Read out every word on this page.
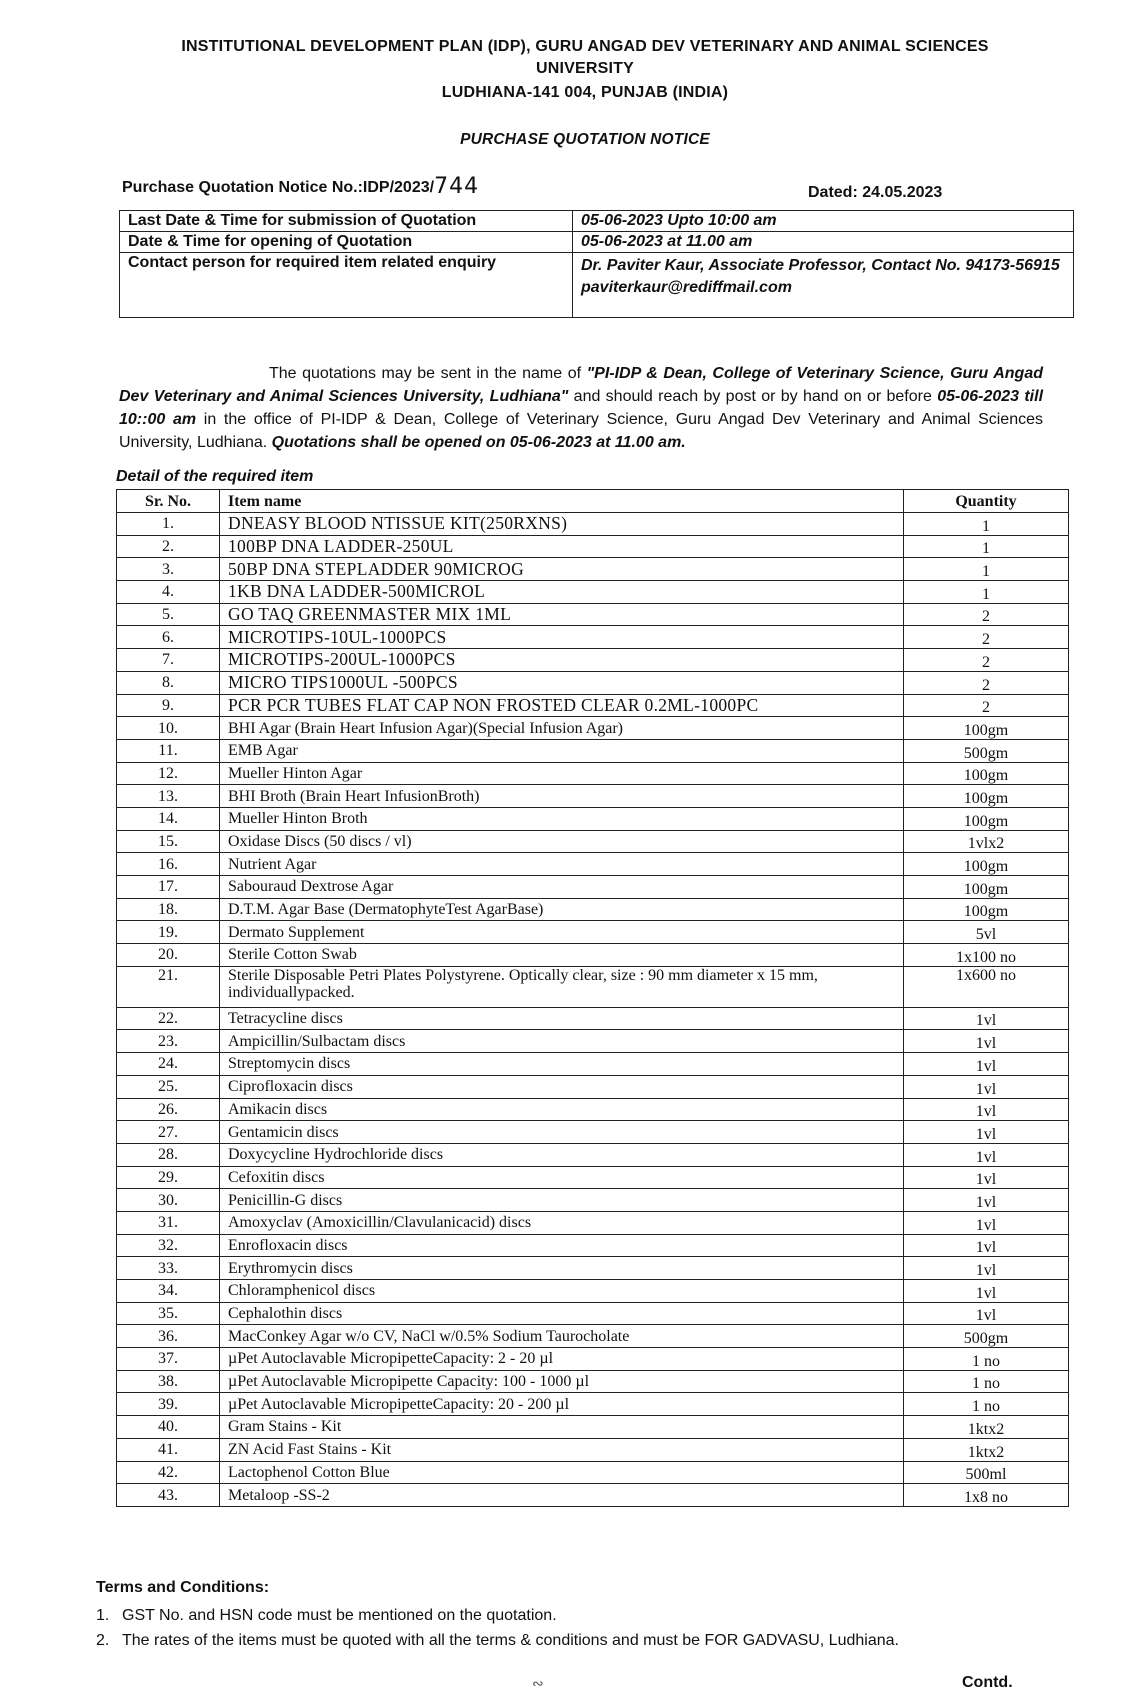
INSTITUTIONAL DEVELOPMENT PLAN (IDP), GURU ANGAD DEV VETERINARY AND ANIMAL SCIENCES
UNIVERSITY
LUDHIANA-141 004, PUNJAB (INDIA)
PURCHASE QUOTATION NOTICE
Purchase Quotation Notice No.:IDP/2023/744	Dated: 24.05.2023
Last Date & Time for submission of Quotation	05-06-2023 Upto 10:00 am
Date & Time for opening of Quotation	05-06-2023 at 11.00 am
Contact person for required item related enquiry	Dr. Paviter Kaur, Associate Professor, Contact No. 94173-56915
paviterkaur@rediffmail.com
The quotations may be sent in the name of "PI-IDP & Dean, College of Veterinary Science, Guru Angad Dev Veterinary and Animal Sciences University, Ludhiana" and should reach by post or by hand on or before 05-06-2023 till 10::00 am in the office of PI-IDP & Dean, College of Veterinary Science, Guru Angad Dev Veterinary and Animal Sciences University, Ludhiana. Quotations shall be opened on 05-06-2023 at 11.00 am.
Detail of the required item
Sr. No.	Item name	Quantity
1.	DNEASY BLOOD NTISSUE KIT(250RXNS)	1
2.	100BP DNA LADDER-250UL	1
3.	50BP DNA STEPLADDER 90MICROG	1
4.	1KB DNA LADDER-500MICROL	1
5.	GO TAQ GREENMASTER MIX 1ML	2
6.	MICROTIPS-10UL-1000PCS	2
7.	MICROTIPS-200UL-1000PCS	2
8.	MICRO TIPS1000UL -500PCS	2
9.	PCR PCR TUBES FLAT CAP NON FROSTED CLEAR 0.2ML-1000PC	2
10.	BHI Agar (Brain Heart Infusion Agar)(Special Infusion Agar)	100gm
11.	EMB Agar	500gm
12.	Mueller Hinton Agar	100gm
13.	BHI Broth (Brain Heart InfusionBroth)	100gm
14.	Mueller Hinton Broth	100gm
15.	Oxidase Discs (50 discs / vl)	1vlx2
16.	Nutrient Agar	100gm
17.	Sabouraud Dextrose Agar	100gm
18.	D.T.M. Agar Base (DermatophyteTest AgarBase)	100gm
19.	Dermato Supplement	5vl
20.	Sterile Cotton Swab	1x100 no
21.	Sterile Disposable Petri Plates Polystyrene. Optically clear, size : 90 mm diameter x 15 mm, individuallypacked.	1x600 no
22.	Tetracycline discs	1vl
23.	Ampicillin/Sulbactam discs	1vl
24.	Streptomycin discs	1vl
25.	Ciprofloxacin discs	1vl
26.	Amikacin discs	1vl
27.	Gentamicin discs	1vl
28.	Doxycycline Hydrochloride discs	1vl
29.	Cefoxitin discs	1vl
30.	Penicillin-G discs	1vl
31.	Amoxyclav (Amoxicillin/Clavulanicacid) discs	1vl
32.	Enrofloxacin discs	1vl
33.	Erythromycin discs	1vl
34.	Chloramphenicol discs	1vl
35.	Cephalothin discs	1vl
36.	MacConkey Agar w/o CV, NaCl w/0.5% Sodium Taurocholate	500gm
37.	µPet Autoclavable MicropipetteCapacity: 2 - 20 µl	1 no
38.	µPet Autoclavable Micropipette Capacity: 100 - 1000 µl	1 no
39.	µPet Autoclavable MicropipetteCapacity: 20 - 200 µl	1 no
40.	Gram Stains - Kit	1ktx2
41.	ZN Acid Fast Stains - Kit	1ktx2
42.	Lactophenol Cotton Blue	500ml
43.	Metaloop -SS-2	1x8 no
Terms and Conditions:
1. GST No. and HSN code must be mentioned on the quotation.
2. The rates of the items must be quoted with all the terms & conditions and must be FOR GADVASU, Ludhiana.
∾	Contd.
